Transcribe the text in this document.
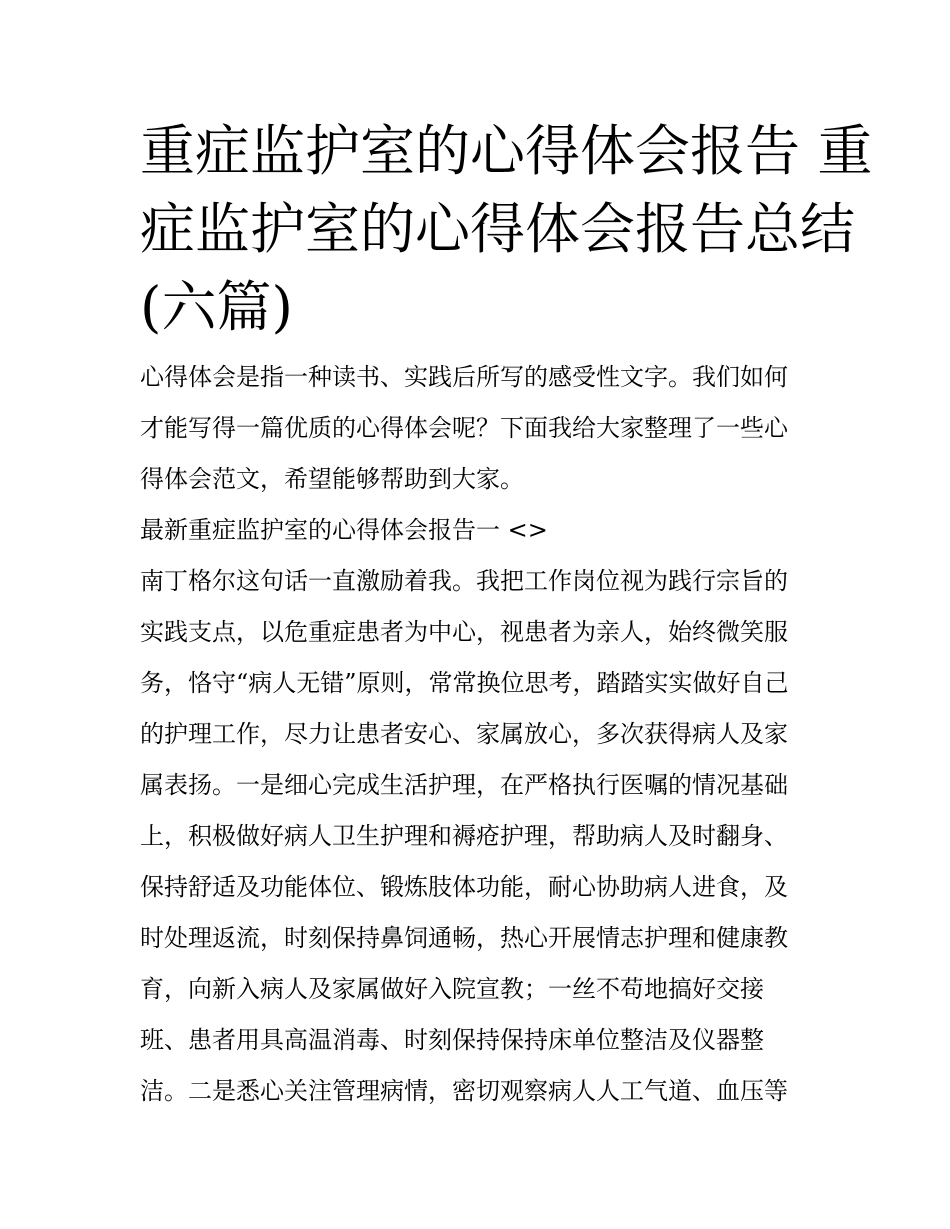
重症监护室的心得体会报告 重
症监护室的心得体会报告总结
(六篇)
心得体会是指一种读书、实践后所写的感受性文字。我们如何
才能写得一篇优质的心得体会呢？下面我给大家整理了一些心
得体会范文，希望能够帮助到大家。
最新重症监护室的心得体会报告一 <>
南丁格尔这句话一直激励着我。我把工作岗位视为践行宗旨的
实践支点，以危重症患者为中心，视患者为亲人，始终微笑服
务，恪守“病人无错”原则，常常换位思考，踏踏实实做好自己
的护理工作，尽力让患者安心、家属放心，多次获得病人及家
属表扬。一是细心完成生活护理，在严格执行医嘱的情况基础
上，积极做好病人卫生护理和褥疮护理，帮助病人及时翻身、
保持舒适及功能体位、锻炼肢体功能，耐心协助病人进食，及
时处理返流，时刻保持鼻饲通畅，热心开展情志护理和健康教
育，向新入病人及家属做好入院宣教；一丝不苟地搞好交接
班、患者用具高温消毒、时刻保持保持床单位整洁及仪器整
洁。二是悉心关注管理病情，密切观察病人人工气道、血压等
